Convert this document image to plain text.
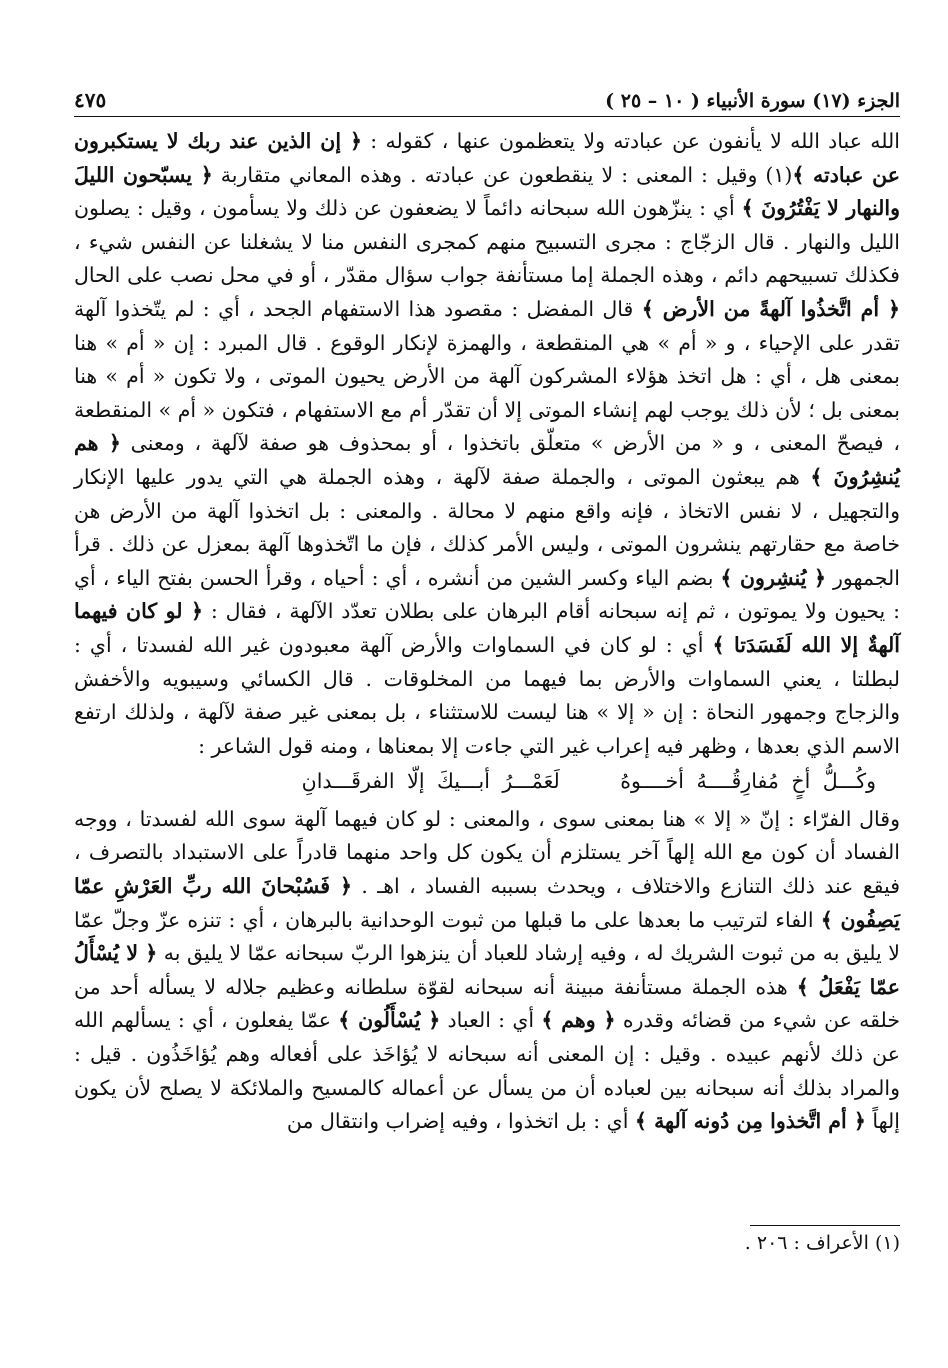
الجزء (١٧) سورة الأنبياء ( ١٠ – ٢٥ )
٤٧٥

الله عباد الله لا يأنفون عن عبادته ولا يتعظمون عنها ، كقوله : ﴿ إن الذين عند ربك لا يستكبرون عن عبادته ﴾(١) وقيل : المعنى : لا ينقطعون عن عبادته . وهذه المعاني متقاربة ﴿ يسبّحون الليلَ والنهار لا يَفْتُرُونَ ﴾ أي : ينزّهون الله سبحانه دائماً لا يضعفون عن ذلك ولا يسأمون ، وقيل : يصلون الليل والنهار . قال الزجّاج : مجرى التسبيح منهم كمجرى النفس منا لا يشغلنا عن النفس شيء ، فكذلك تسبيحهم دائم ، وهذه الجملة إما مستأنفة جواب سؤال مقدّر ، أو في محل نصب على الحال ﴿ أم اتَّخذُوا آلهةً من الأرض ﴾ قال المفضل : مقصود هذا الاستفهام الجحد ، أي : لم يتّخذوا آلهة تقدر على الإحياء ، و « أم » هي المنقطعة ، والهمزة لإنكار الوقوع . قال المبرد : إن « أم » هنا بمعنى هل ، أي : هل اتخذ هؤلاء المشركون آلهة من الأرض يحيون الموتى ، ولا تكون « أم » هنا بمعنى بل ؛ لأن ذلك يوجب لهم إنشاء الموتى إلا أن تقدّر أم مع الاستفهام ، فتكون « أم » المنقطعة ، فيصحّ المعنى ، و « من الأرض » متعلّق باتخذوا ، أو بمحذوف هو صفة لآلهة ، ومعنى ﴿ هم يُنشِرُونَ ﴾ هم يبعثون الموتى ، والجملة صفة لآلهة ، وهذه الجملة هي التي يدور عليها الإنكار والتجهيل ، لا نفس الاتخاذ ، فإنه واقع منهم لا محالة . والمعنى : بل اتخذوا آلهة من الأرض هن خاصة مع حقارتهم ينشرون الموتى ، وليس الأمر كذلك ، فإن ما اتّخذوها آلهة بمعزل عن ذلك . قرأ الجمهور ﴿ يُنشِرون ﴾ بضم الياء وكسر الشين من أنشره ، أي : أحياه ، وقرأ الحسن بفتح الياء ، أي : يحيون ولا يموتون ، ثم إنه سبحانه أقام البرهان على بطلان تعدّد الآلهة ، فقال : ﴿ لو كان فيهما آلهةٌ إلا الله لَفَسَدَتا ﴾ أي : لو كان في السماوات والأرض آلهة معبودون غير الله لفسدتا ، أي : لبطلتا ، يعني السماوات والأرض بما فيهما من المخلوقات . قال الكسائي وسيبويه والأخفش والزجاج وجمهور النحاة : إن « إلا » هنا ليست للاستثناء ، بل بمعنى غير صفة لآلهة ، ولذلك ارتفع الاسم الذي بعدها ، وظهر فيه إعراب غير التي جاءت إلا بمعناها ، ومنه قول الشاعر :

وكُـــلُّ أخٍ مُفارِقُــــهُ أخــــوهُ لَعَمْـــرُ أبـــيكَ إلّا الفرقَـــدانِ

وقال الفرّاء : إنّ « إلا » هنا بمعنى سوى ، والمعنى : لو كان فيهما آلهة سوى الله لفسدتا ، ووجه الفساد أن كون مع الله إلهاً آخر يستلزم أن يكون كل واحد منهما قادراً على الاستبداد بالتصرف ، فيقع عند ذلك التنازع والاختلاف ، ويحدث بسببه الفساد ، اهـ . ﴿ فَسُبْحانَ الله ربِّ العَرْشِ عمّا يَصِفُون ﴾ الفاء لترتيب ما بعدها على ما قبلها من ثبوت الوحدانية بالبرهان ، أي : تنزه عزّ وجلّ عمّا لا يليق به من ثبوت الشريك له ، وفيه إرشاد للعباد أن ينزهوا الربّ سبحانه عمّا لا يليق به ﴿ لا يُسْأَلُ عمّا يَفْعَلُ ﴾ هذه الجملة مستأنفة مبينة أنه سبحانه لقوّة سلطانه وعظيم جلاله لا يسأله أحد من خلقه عن شيء من قضائه وقدره ﴿ وهم ﴾ أي : العباد ﴿ يُسْأَلُون ﴾ عمّا يفعلون ، أي : يسألهم الله عن ذلك لأنهم عبيده . وقيل : إن المعنى أنه سبحانه لا يُؤاخَذ على أفعاله وهم يُؤاخَذُون . قيل : والمراد بذلك أنه سبحانه بين لعباده أن من يسأل عن أعماله كالمسيح والملائكة لا يصلح لأن يكون إلهاً ﴿ أم اتَّخذوا مِن دُونه آلهة ﴾ أي : بل اتخذوا ، وفيه إضراب وانتقال من

(١) الأعراف : ٢٠٦ .
